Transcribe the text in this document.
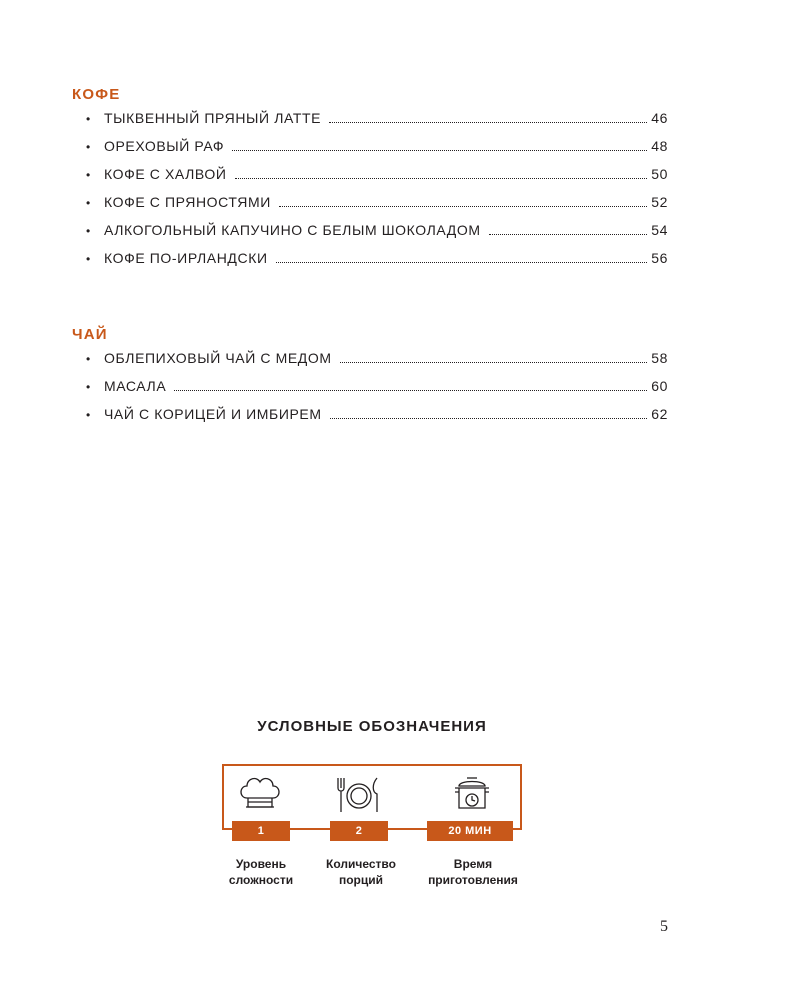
КОФЕ
• ТЫКВЕННЫЙ ПРЯНЫЙ ЛАТТЕ	46
• ОРЕХОВЫЙ РАФ	48
• КОФЕ С ХАЛВОЙ	50
• КОФЕ С ПРЯНОСТЯМИ	52
• АЛКОГОЛЬНЫЙ КАПУЧИНО С БЕЛЫМ ШОКОЛАДОМ	54
• КОФЕ ПО-ИРЛАНДСКИ	56
ЧАЙ
• ОБЛЕПИХОВЫЙ ЧАЙ С МЕДОМ	58
• МАСАЛА	60
• ЧАЙ С КОРИЦЕЙ И ИМБИРЕМ	62
УСЛОВНЫЕ ОБОЗНАЧЕНИЯ
1	2	20 МИН
Уровень
сложности
Количество
порций
Время
приготовления
5
